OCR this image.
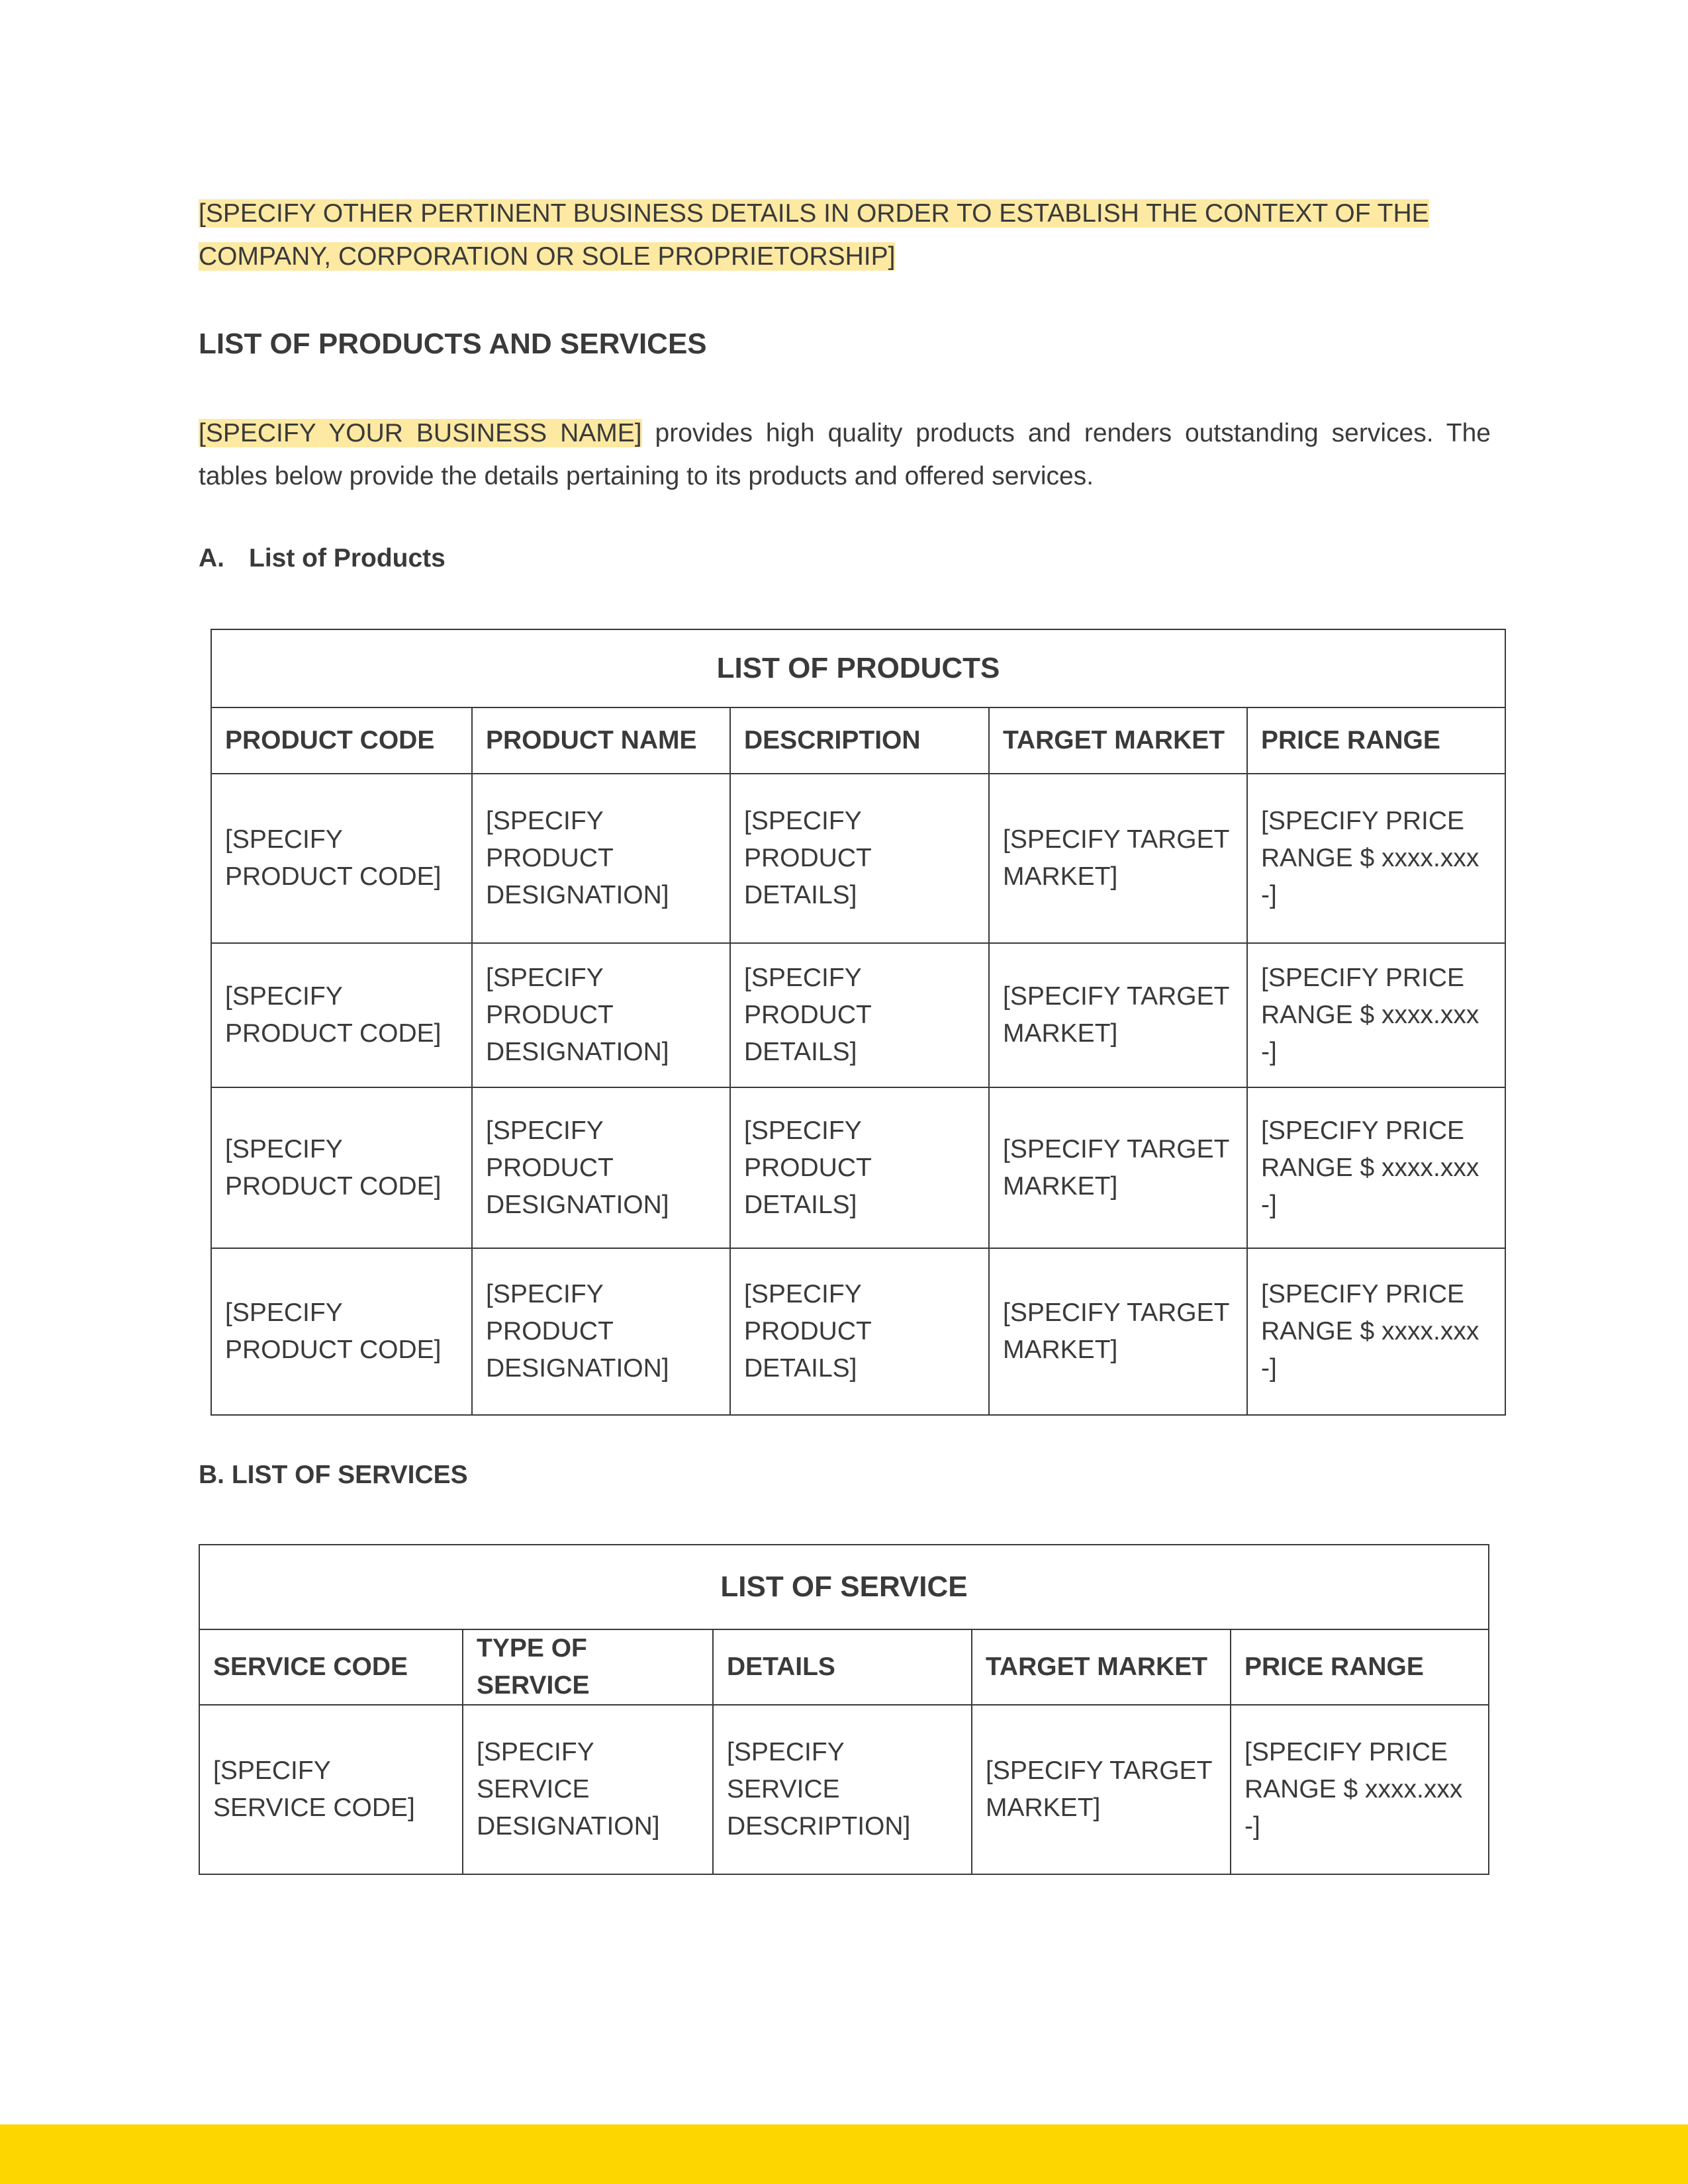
[SPECIFY OTHER PERTINENT BUSINESS DETAILS IN ORDER TO ESTABLISH THE CONTEXT OF THE COMPANY, CORPORATION OR SOLE PROPRIETORSHIP]

LIST OF PRODUCTS AND SERVICES

[SPECIFY YOUR BUSINESS NAME] provides high quality products and renders outstanding services. The tables below provide the details pertaining to its products and offered services.

A. List of Products

LIST OF PRODUCTS				
PRODUCT CODE	PRODUCT NAME	DESCRIPTION	TARGET MARKET	PRICE RANGE
[SPECIFY PRODUCT CODE]	[SPECIFY PRODUCT DESIGNATION]	[SPECIFY PRODUCT DETAILS]	[SPECIFY TARGET MARKET]	[SPECIFY PRICE RANGE $ xxxx.xxx -]
[SPECIFY PRODUCT CODE]	[SPECIFY PRODUCT DESIGNATION]	[SPECIFY PRODUCT DETAILS]	[SPECIFY TARGET MARKET]	[SPECIFY PRICE RANGE $ xxxx.xxx -]
[SPECIFY PRODUCT CODE]	[SPECIFY PRODUCT DESIGNATION]	[SPECIFY PRODUCT DETAILS]	[SPECIFY TARGET MARKET]	[SPECIFY PRICE RANGE $ xxxx.xxx -]
[SPECIFY PRODUCT CODE]	[SPECIFY PRODUCT DESIGNATION]	[SPECIFY PRODUCT DETAILS]	[SPECIFY TARGET MARKET]	[SPECIFY PRICE RANGE $ xxxx.xxx -]

B. LIST OF SERVICES

LIST OF SERVICE				
SERVICE CODE	TYPE OF SERVICE	DETAILS	TARGET MARKET	PRICE RANGE
[SPECIFY SERVICE CODE]	[SPECIFY SERVICE DESIGNATION]	[SPECIFY SERVICE DESCRIPTION]	[SPECIFY TARGET MARKET]	[SPECIFY PRICE RANGE $ xxxx.xxx -]
